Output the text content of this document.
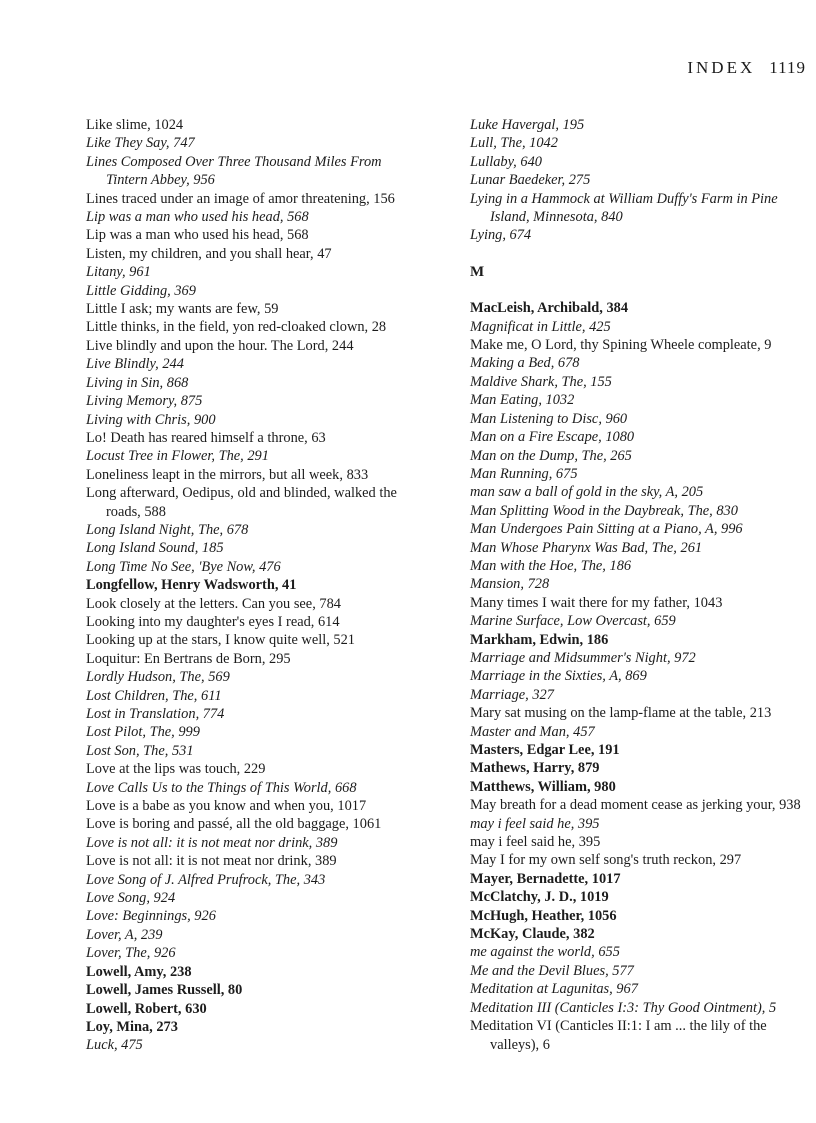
INDEX 1119

Like slime, 1024

Like They Say, 747

Lines Composed Over Three Thousand Miles From Tintern Abbey, 956

Lines traced under an image of amor threatening, 156

Lip was a man who used his head, 568

Lip was a man who used his head, 568

Listen, my children, and you shall hear, 47

Litany, 961

Little Gidding, 369

Little I ask; my wants are few, 59

Little thinks, in the field, yon red-cloaked clown, 28

Live blindly and upon the hour. The Lord, 244

Live Blindly, 244

Living in Sin, 868

Living Memory, 875

Living with Chris, 900

Lo! Death has reared himself a throne, 63

Locust Tree in Flower, The, 291

Loneliness leapt in the mirrors, but all week, 833

Long afterward, Oedipus, old and blinded, walked the roads, 588

Long Island Night, The, 678

Long Island Sound, 185

Long Time No See, 'Bye Now, 476

Longfellow, Henry Wadsworth, 41

Look closely at the letters. Can you see, 784

Looking into my daughter's eyes I read, 614

Looking up at the stars, I know quite well, 521

Loquitur: En Bertrans de Born, 295

Lordly Hudson, The, 569

Lost Children, The, 611

Lost in Translation, 774

Lost Pilot, The, 999

Lost Son, The, 531

Love at the lips was touch, 229

Love Calls Us to the Things of This World, 668

Love is a babe as you know and when you, 1017

Love is boring and passé, all the old baggage, 1061

Love is not all: it is not meat nor drink, 389

Love is not all: it is not meat nor drink, 389

Love Song of J. Alfred Prufrock, The, 343

Love Song, 924

Love: Beginnings, 926

Lover, A, 239

Lover, The, 926

Lowell, Amy, 238

Lowell, James Russell, 80

Lowell, Robert, 630

Loy, Mina, 273

Luck, 475

Luke Havergal, 195

Lull, The, 1042

Lullaby, 640

Lunar Baedeker, 275

Lying in a Hammock at William Duffy's Farm in Pine Island, Minnesota, 840

Lying, 674

M

MacLeish, Archibald, 384

Magnificat in Little, 425

Make me, O Lord, thy Spining Wheele compleate, 9

Making a Bed, 678

Maldive Shark, The, 155

Man Eating, 1032

Man Listening to Disc, 960

Man on a Fire Escape, 1080

Man on the Dump, The, 265

Man Running, 675

man saw a ball of gold in the sky, A, 205

Man Splitting Wood in the Daybreak, The, 830

Man Undergoes Pain Sitting at a Piano, A, 996

Man Whose Pharynx Was Bad, The, 261

Man with the Hoe, The, 186

Mansion, 728

Many times I wait there for my father, 1043

Marine Surface, Low Overcast, 659

Markham, Edwin, 186

Marriage and Midsummer's Night, 972

Marriage in the Sixties, A, 869

Marriage, 327

Mary sat musing on the lamp-flame at the table, 213

Master and Man, 457

Masters, Edgar Lee, 191

Mathews, Harry, 879

Matthews, William, 980

May breath for a dead moment cease as jerking your, 938

may i feel said he, 395

may i feel said he, 395

May I for my own self song's truth reckon, 297

Mayer, Bernadette, 1017

McClatchy, J. D., 1019

McHugh, Heather, 1056

McKay, Claude, 382

me against the world, 655

Me and the Devil Blues, 577

Meditation at Lagunitas, 967

Meditation III (Canticles I:3: Thy Good Ointment), 5

Meditation VI (Canticles II:1: I am ... the lily of the valleys), 6
